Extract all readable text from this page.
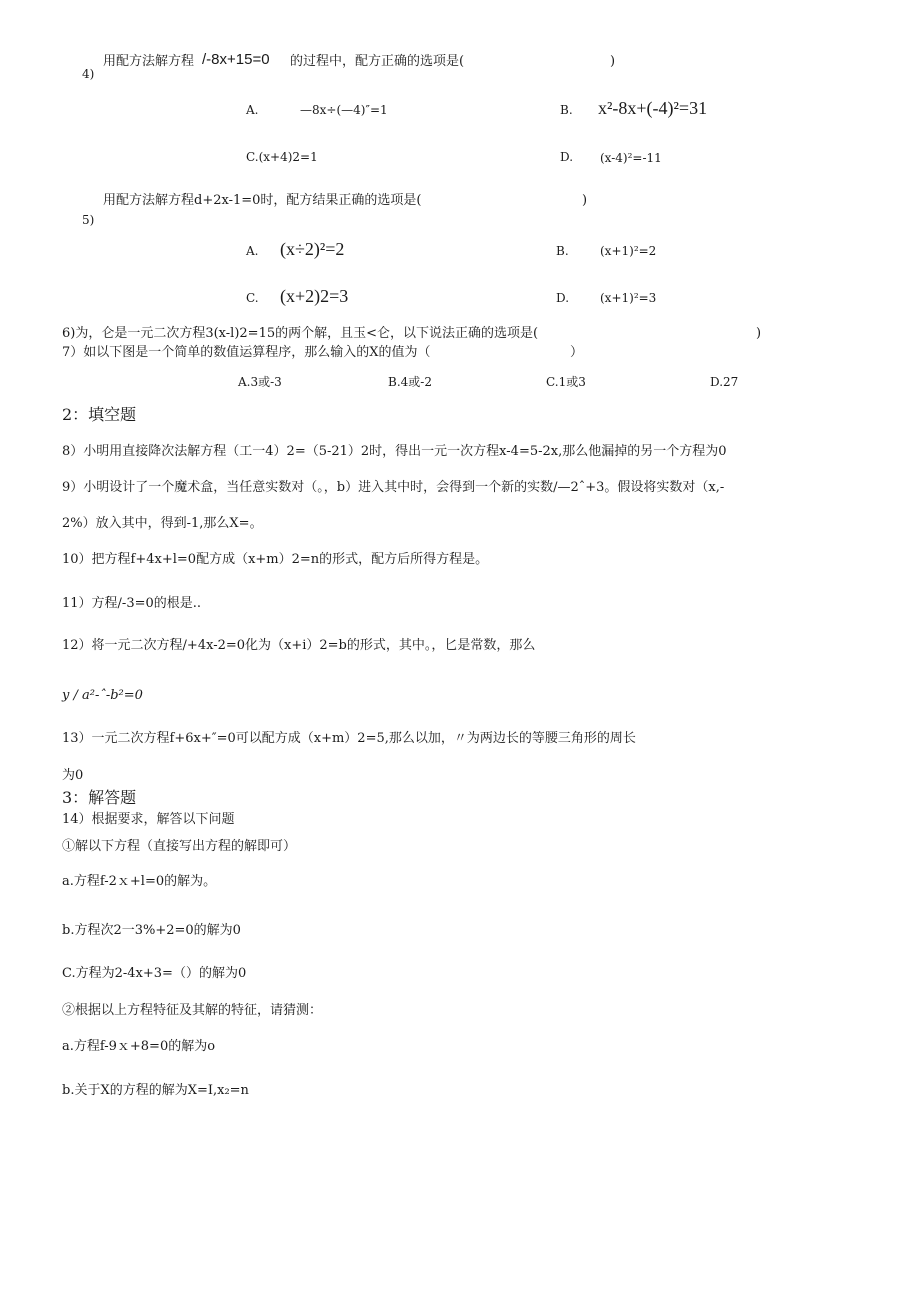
4)
用配方法解方程 /-8x+15=0 的过程中，配方正确的选项是(	)
A.	—8x÷(—4)″=1	B. x²-8x+(-4)²=31
C.(x+4)2=1	D. (x-4)²=-11
5)
用配方法解方程d+2x-1=0时，配方结果正确的选项是(	)
A. (x÷2)²=2	B.	(x+1)²=2
C. (x+2)2=3	D.	(x+1)²=3
6)为，仑是一元二次方程3(x-l)2=15的两个解，且玉<仑，以下说法正确的选项是(	)
7）如以下图是一个简单的数值运算程序，那么输入的X的值为（	）
A.3或-3	B.4或-2	C.1或3	D.27
2：填空题
8）小明用直接降次法解方程（工一4）2=（5-21）2时，得出一元一次方程x-4=5-2x,那么他漏掉的另一个方程为0
9）小明设计了一个魔术盒，当任意实数对（。，b）进入其中时，会得到一个新的实数/—2ˆ+3。假设将实数对（x,-
2%）放入其中，得到-1,那么X=。
10）把方程f+4x+l=0配方成（x+m）2=n的形式，配方后所得方程是。
11）方程/-3=0的根是..
12）将一元二次方程/+4x-2=0化为（x+i）2=b的形式，其中。，匕是常数，那么
y / a²-ˆ-b²=0
13）一元二次方程f+6x+″=0可以配方成（x+m）2=5,那么以加，〃为两边长的等腰三角形的周长
为0
3：解答题
14）根据要求，解答以下问题
①解以下方程（直接写出方程的解即可）
a.方程f-2ｘ+l=0的解为。
b.方程次2一3%+2=0的解为0
C.方程为2-4x+3=（）的解为0
②根据以上方程特征及其解的特征，请猜测：
a.方程f-9ｘ+8=0的解为o
b.关于X的方程的解为X=I,x₂=n
